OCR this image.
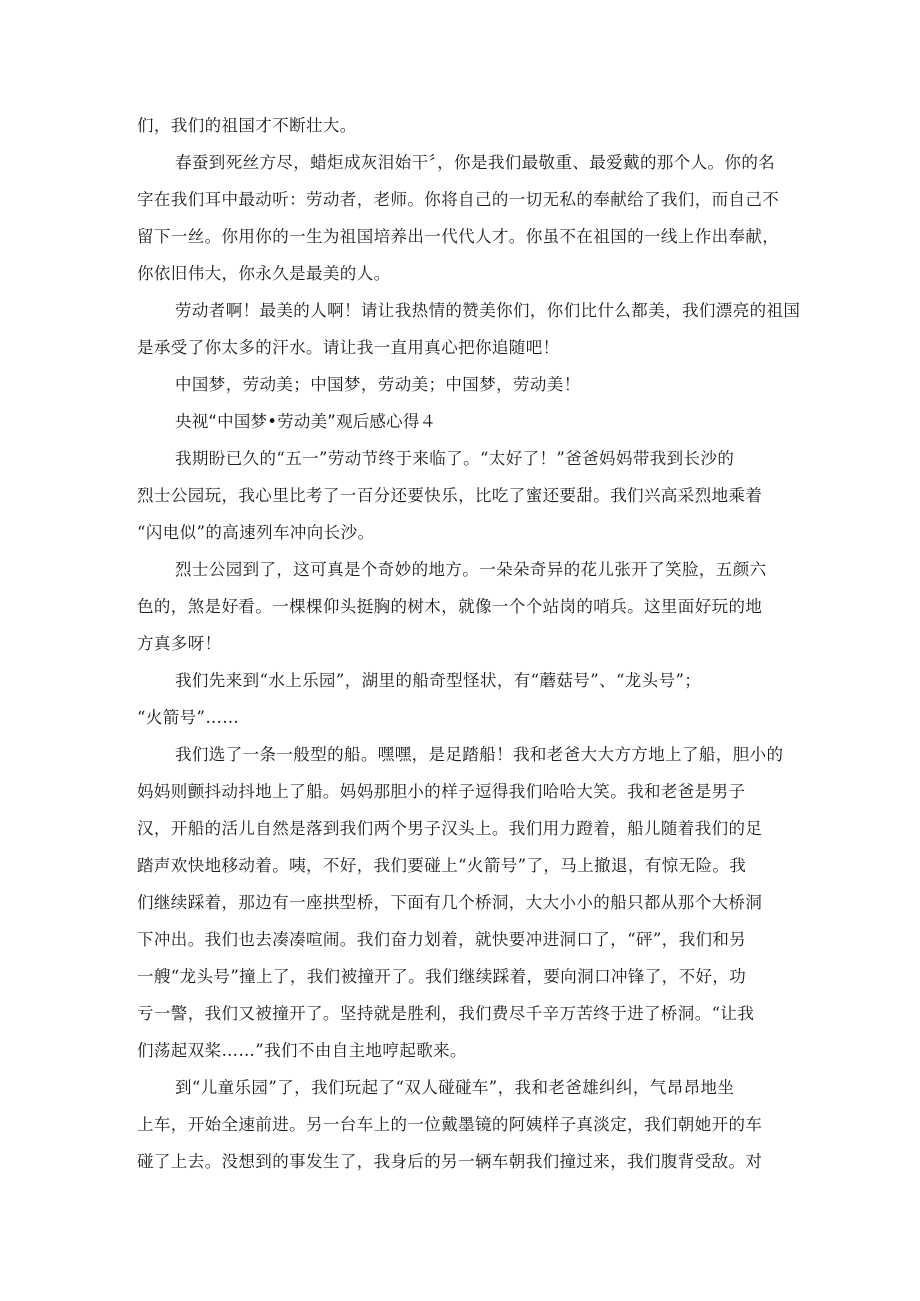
们，我们的祖国才不断壮大。
春蚕到死丝方尽，蜡炬成灰泪始干〞，你是我们最敬重、最爱戴的那个人。你的名
字在我们耳中最动听：劳动者，老师。你将自己的一切无私的奉献给了我们，而自己不
留下一丝。你用你的一生为祖国培养出一代代人才。你虽不在祖国的一线上作出奉献，
你依旧伟大，你永久是最美的人。
劳动者啊！最美的人啊！请让我热情的赞美你们，你们比什么都美，我们漂亮的祖国
是承受了你太多的汗水。请让我一直用真心把你追随吧！
中国梦，劳动美；中国梦，劳动美；中国梦，劳动美！
央视“中国梦•劳动美”观后感心得４
我期盼已久的“五一”劳动节终于来临了。“太好了！”爸爸妈妈带我到长沙的
烈士公园玩，我心里比考了一百分还要快乐，比吃了蜜还要甜。我们兴高采烈地乘着
“闪电似”的高速列车冲向长沙。
烈士公园到了，这可真是个奇妙的地方。一朵朵奇异的花儿张开了笑脸，五颜六
色的，煞是好看。一棵棵仰头挺胸的树木，就像一个个站岗的哨兵。这里面好玩的地
方真多呀！
我们先来到“水上乐园”，湖里的船奇型怪状，有“蘑菇号”、“龙头号”；
“火箭号”……
我们选了一条一般型的船。嘿嘿，是足踏船！我和老爸大大方方地上了船，胆小的
妈妈则颤抖动抖地上了船。妈妈那胆小的样子逗得我们哈哈大笑。我和老爸是男子
汉，开船的活儿自然是落到我们两个男子汉头上。我们用力蹬着，船儿随着我们的足
踏声欢快地移动着。咦，不好，我们要碰上“火箭号”了，马上撤退，有惊无险。我
们继续踩着，那边有一座拱型桥，下面有几个桥洞，大大小小的船只都从那个大桥洞
下冲出。我们也去凑凑喧闹。我们奋力划着，就快要冲进洞口了，“砰”，我们和另
一艘“龙头号”撞上了，我们被撞开了。我们继续踩着，要向洞口冲锋了，不好，功
亏一警，我们又被撞开了。坚持就是胜利，我们费尽千辛万苦终于进了桥洞。“让我
们荡起双桨……”我们不由自主地哼起歌来。
到“儿童乐园”了，我们玩起了“双人碰碰车”，我和老爸雄纠纠，气昂昂地坐
上车，开始全速前进。另一台车上的一位戴墨镜的阿姨样子真淡定，我们朝她开的车
碰了上去。没想到的事发生了，我身后的另一辆车朝我们撞过来，我们腹背受敌。对
